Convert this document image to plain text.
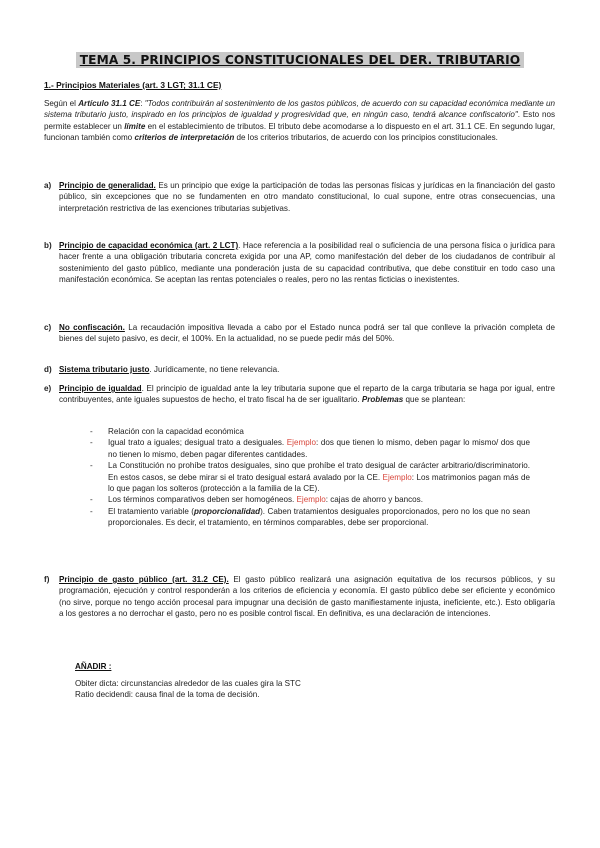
TEMA 5. PRINCIPIOS CONSTITUCIONALES DEL DER. TRIBUTARIO
1.- Principios Materiales (art. 3 LGT; 31.1 CE)
Según el Artículo 31.1 CE: "Todos contribuirán al sostenimiento de los gastos públicos, de acuerdo con su capacidad económica mediante un sistema tributario justo, inspirado en los principios de igualdad y progresividad que, en ningún caso, tendrá alcance confiscatorio". Esto nos permite establecer un límite en el establecimiento de tributos. El tributo debe acomodarse a lo dispuesto en el art. 31.1 CE. En segundo lugar, funcionan también como criterios de interpretación de los criterios tributarios, de acuerdo con los principios constitucionales.
a) Principio de generalidad. Es un principio que exige la participación de todas las personas físicas y jurídicas en la financiación del gasto público, sin excepciones que no se fundamenten en otro mandato constitucional, lo cual supone, entre otras consecuencias, una interpretación restrictiva de las exenciones tributarias subjetivas.
b) Principio de capacidad económica (art. 2 LCT). Hace referencia a la posibilidad real o suficiencia de una persona física o jurídica para hacer frente a una obligación tributaria concreta exigida por una AP, como manifestación del deber de los ciudadanos de contribuir al sostenimiento del gasto público, mediante una ponderación justa de su capacidad contributiva, que debe constituir en todo caso una manifestación económica. Se aceptan las rentas potenciales o reales, pero no las rentas ficticias o inexistentes.
c) No confiscación. La recaudación impositiva llevada a cabo por el Estado nunca podrá ser tal que conlleve la privación completa de bienes del sujeto pasivo, es decir, el 100%. En la actualidad, no se puede pedir más del 50%.
d) Sistema tributario justo. Jurídicamente, no tiene relevancia.
e) Principio de igualdad. El principio de igualdad ante la ley tributaria supone que el reparto de la carga tributaria se haga por igual, entre contribuyentes, ante iguales supuestos de hecho, el trato fiscal ha de ser igualitario. Problemas que se plantean:
- Relación con la capacidad económica
- Igual trato a iguales; desigual trato a desiguales. Ejemplo: dos que tienen lo mismo, deben pagar lo mismo/ dos que no tienen lo mismo, deben pagar diferentes cantidades.
- La Constitución no prohíbe tratos desiguales, sino que prohíbe el trato desigual de carácter arbitrario/discriminatorio. En estos casos, se debe mirar si el trato desigual estará avalado por la CE. Ejemplo: Los matrimonios pagan más de lo que pagan los solteros (protección a la familia de la CE).
- Los términos comparativos deben ser homogéneos. Ejemplo: cajas de ahorro y bancos.
- El tratamiento variable (proporcionalidad). Caben tratamientos desiguales proporcionados, pero no los que no sean proporcionales. Es decir, el tratamiento, en términos comparables, debe ser proporcional.
f) Principio de gasto público (art. 31.2 CE). El gasto público realizará una asignación equitativa de los recursos públicos, y su programación, ejecución y control responderán a los criterios de eficiencia y economía. El gasto público debe ser eficiente y económico (no sirve, porque no tengo acción procesal para impugnar una decisión de gasto manifiestamente injusta, ineficiente, etc.). Esto obligaría a los gestores a no derrochar el gasto, pero no es posible control fiscal. En definitiva, es una declaración de intenciones.
AÑADIR :
Obiter dicta: circunstancias alrededor de las cuales gira la STC
Ratio decidendi: causa final de la toma de decisión.
